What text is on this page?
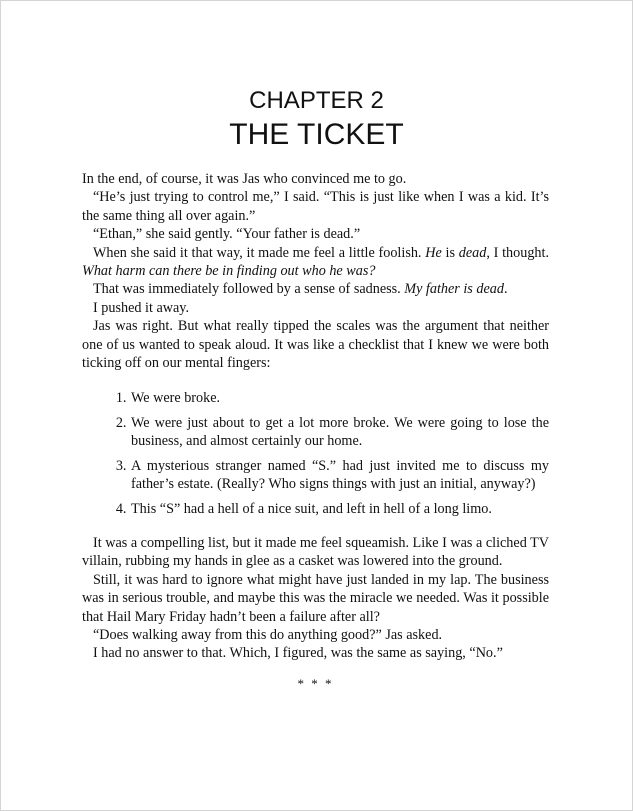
CHAPTER 2
THE TICKET

In the end, of course, it was Jas who convinced me to go.

“He’s just trying to control me,” I said. “This is just like when I was a kid. It’s the same thing all over again.”

“Ethan,” she said gently. “Your father is dead.”

When she said it that way, it made me feel a little foolish. He is dead, I thought. What harm can there be in finding out who he was?

That was immediately followed by a sense of sadness. My father is dead.

I pushed it away.

Jas was right. But what really tipped the scales was the argument that neither one of us wanted to speak aloud. It was like a checklist that I knew we were both ticking off on our mental fingers:

1. We were broke.
2. We were just about to get a lot more broke. We were going to lose the business, and almost certainly our home.
3. A mysterious stranger named “S.” had just invited me to discuss my father’s estate. (Really? Who signs things with just an initial, anyway?)
4. This “S” had a hell of a nice suit, and left in hell of a long limo.

It was a compelling list, but it made me feel squeamish. Like I was a cliched TV villain, rubbing my hands in glee as a casket was lowered into the ground.

Still, it was hard to ignore what might have just landed in my lap. The business was in serious trouble, and maybe this was the miracle we needed. Was it possible that Hail Mary Friday hadn’t been a failure after all?

“Does walking away from this do anything good?” Jas asked.

I had no answer to that. Which, I figured, was the same as saying, “No.”

* * *
